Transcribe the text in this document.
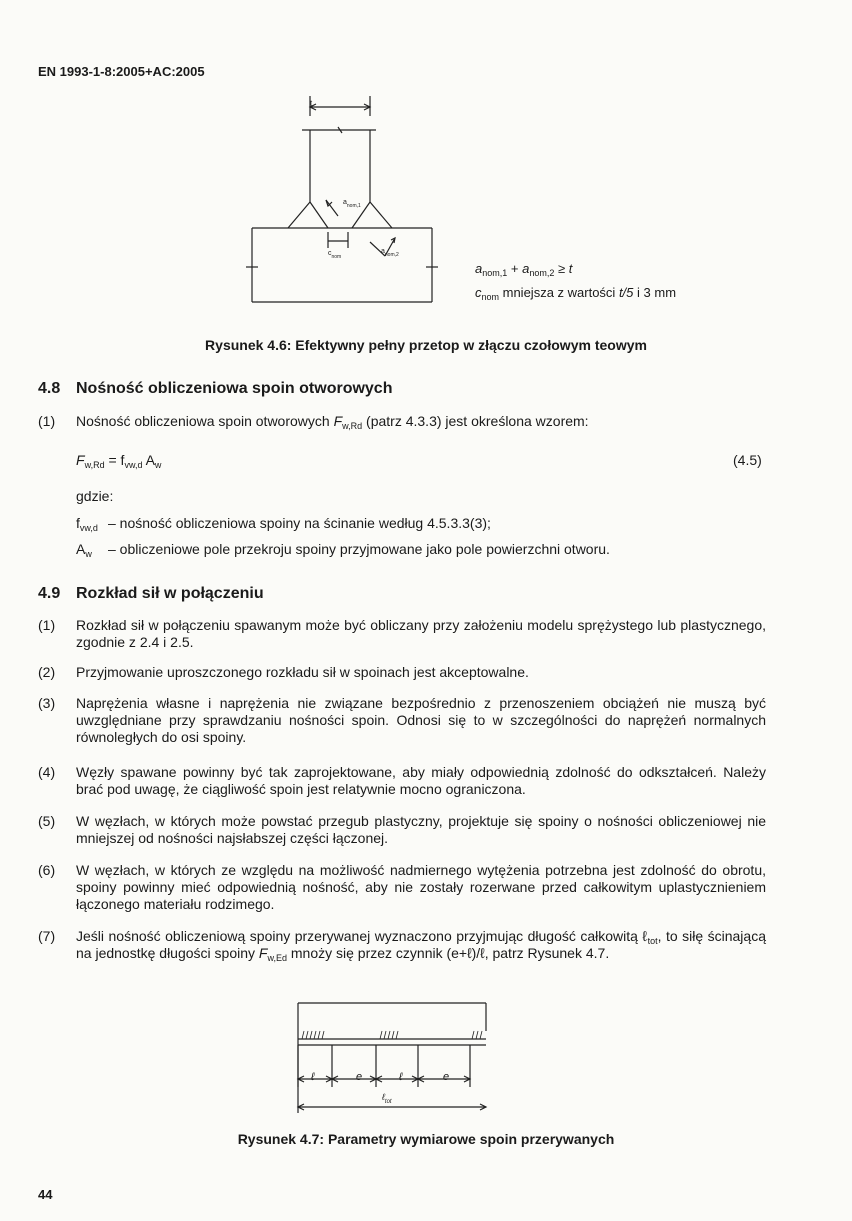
EN 1993-1-8:2005+AC:2005
$a_{nom,1}$
t
$c_{nom}$
$a_{nom,2}$
$a_{nom,1} + a_{nom,2} \ge t$
$c_{nom}$ mniejsza z wartości t/5 i 3 mm
Rysunek 4.6: Efektywny pełny przetop w złączu czołowym teowym
4.8 Nośność obliczeniowa spoin otworowych
(1) Nośność obliczeniowa spoin otworowych $F_{w,Rd}$ (patrz 4.3.3) jest określona wzorem:
$F_{w,Rd} = f_{vw,d}$ $A_w$	(4.5)
gdzie:
$f_{vw,d}$ – nośność obliczeniowa spoiny na ścinanie według 4.5.3.3(3);
$A_w$ – obliczeniowe pole przekroju spoiny przyjmowane jako pole powierzchni otworu.
4.9 Rozkład sił w połączeniu
(1) Rozkład sił w połączeniu spawanym może być obliczany przy założeniu modelu sprężystego lub plastycznego, zgodnie z 2.4 i 2.5.
(2) Przyjmowanie uproszczonego rozkładu sił w spoinach jest akceptowalne.
(3) Naprężenia własne i naprężenia nie związane bezpośrednio z przenoszeniem obciążeń nie muszą być uwzględniane przy sprawdzaniu nośności spoin. Odnosi się to w szczególności do naprężeń normalnych równoległych do osi spoiny.
(4) Węzły spawane powinny być tak zaprojektowane, aby miały odpowiednią zdolność do odkształceń. Należy brać pod uwagę, że ciągliwość spoin jest relatywnie mocno ograniczona.
(5) W węzłach, w których może powstać przegub plastyczny, projektuje się spoiny o nośności obliczeniowej nie mniejszej od nośności najsłabszej części łączonej.
(6) W węzłach, w których ze względu na możliwość nadmiernego wytężenia potrzebna jest zdolność do obrotu, spoiny powinny mieć odpowiednią nośność, aby nie zostały rozerwane przed całkowitym uplastycznieniem łączonego materiału rodzimego.
(7) Jeśli nośność obliczeniową spoiny przerywanej wyznaczono przyjmując długość całkowitą ℓ$_{tot}$, to siłę ścinającą na jednostkę długości spoiny $F_{w,Ed}$ mnoży się przez czynnik (e+ℓ)/ℓ, patrz Rysunek 4.7.
ℓ	e	ℓ	e
ℓ$_{tot}$
Rysunek 4.7: Parametry wymiarowe spoin przerywanych
44
